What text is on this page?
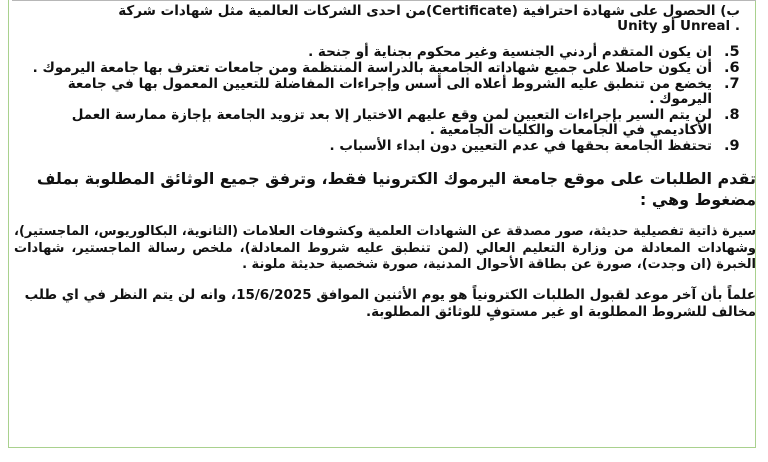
ب) الحصول على شهادة احترافية (Certificate)من احدى الشركات العالمية مثل شهادات شركة

Unity أو Unreal .

.5
ان يكون المتقدم أردني الجنسية وغير محكوم بجناية أو جنحة .
.6
أن يكون حاصلا على جميع شهاداته الجامعية بالدراسة المنتظمة ومن جامعات تعترف بها جامعة اليرموك .
.7
يخضع من تنطبق عليه الشروط أعلاه الى أسس وإجراءات المفاضلة للتعيين المعمول بها في جامعة اليرموك .
.8
لن يتم السير بإجراءات التعيين لمن وقع عليهم الاختيار إلا بعد تزويد الجامعة بإجازة ممارسة العمل الأكاديمي في الجامعات والكليات الجامعية .
.9
تحتفظ الجامعة بحقها في عدم التعيين دون ابداء الأسباب .

تقدم الطلبات على موقع جامعة اليرموك الكترونيا فقط، وترفق جميع الوثائق المطلوبة بملف مضغوط وهي :

سيرة ذاتية تفصيلية حديثة، صور مصدقة عن الشهادات العلمية وكشوفات العلامات (الثانوية، البكالوريوس، الماجستير)، وشهادات المعادلة من وزارة التعليم العالي (لمن تنطبق عليه شروط المعادلة)، ملخص رسالة الماجستير، شهادات الخبرة (ان وجدت)، صورة عن بطاقة الأحوال المدنية، صورة شخصية حديثة ملونة .

علماً بأن آخر موعد لقبول الطلبات الكترونياً هو يوم الأثنين الموافق 15/6/2025، وانه لن يتم النظر في اي طلب مخالف للشروط المطلوبة او غير مستوفٍ للوثائق المطلوبة.
